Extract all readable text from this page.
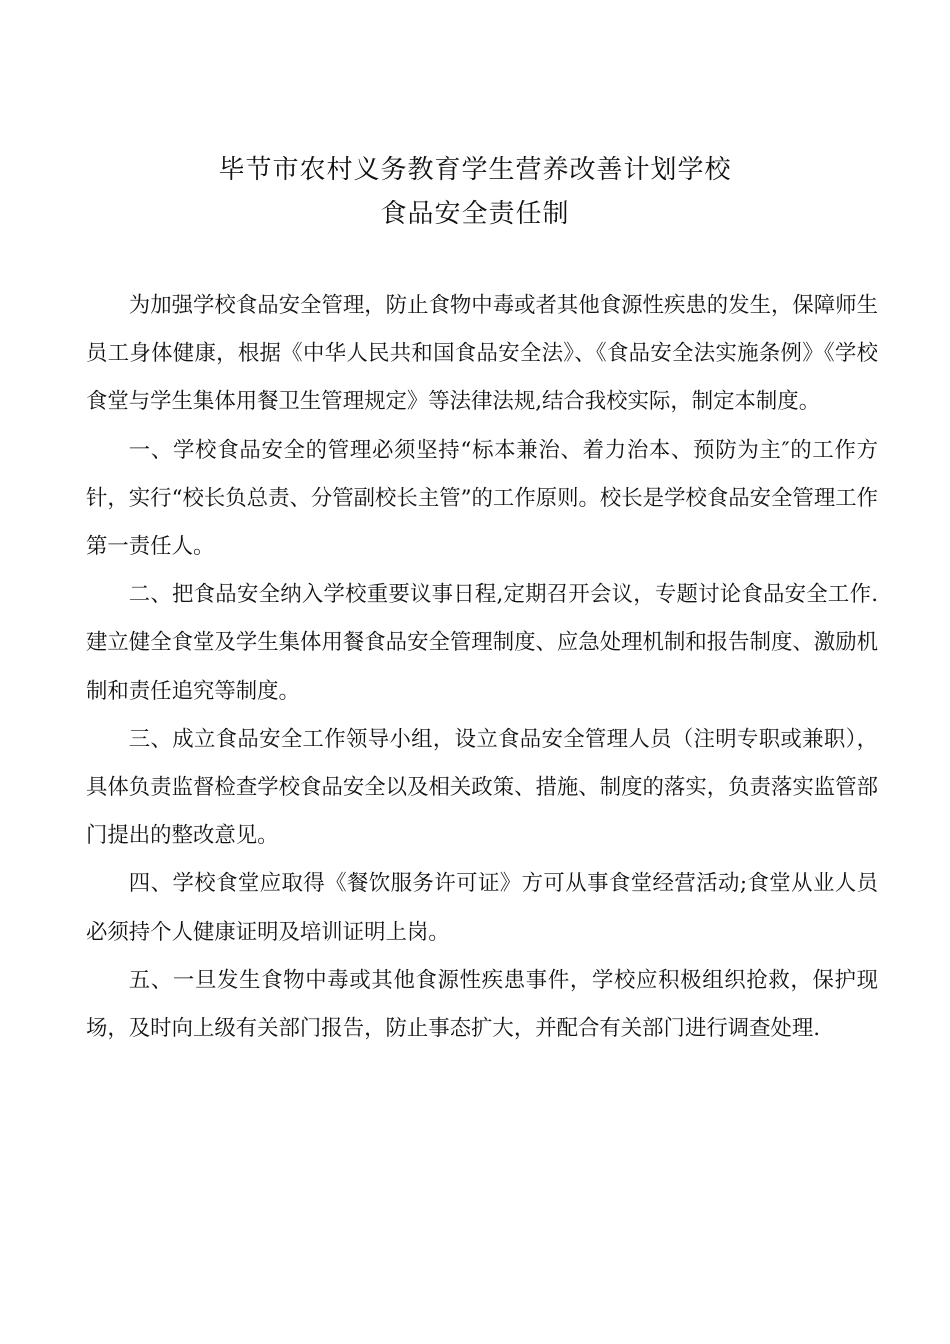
毕节市农村义务教育学生营养改善计划学校
食品安全责任制

为加强学校食品安全管理，防止食物中毒或者其他食源性疾患的发生，保障师生员工身体健康，根据《中华人民共和国食品安全法》、《食品安全法实施条例》《学校食堂与学生集体用餐卫生管理规定》等法律法规,结合我校实际，制定本制度。

一、学校食品安全的管理必须坚持“标本兼治、着力治本、预防为主″的工作方针，实行“校长负总责、分管副校长主管”的工作原则。校长是学校食品安全管理工作第一责任人。

二、把食品安全纳入学校重要议事日程,定期召开会议，专题讨论食品安全工作.建立健全食堂及学生集体用餐食品安全管理制度、应急处理机制和报告制度、激励机制和责任追究等制度。

三、成立食品安全工作领导小组，设立食品安全管理人员（注明专职或兼职），具体负责监督检查学校食品安全以及相关政策、措施、制度的落实，负责落实监管部门提出的整改意见。

四、学校食堂应取得《餐饮服务许可证》方可从事食堂经营活动;食堂从业人员必须持个人健康证明及培训证明上岗。

五、一旦发生食物中毒或其他食源性疾患事件，学校应积极组织抢救，保护现场，及时向上级有关部门报告，防止事态扩大，并配合有关部门进行调查处理.
